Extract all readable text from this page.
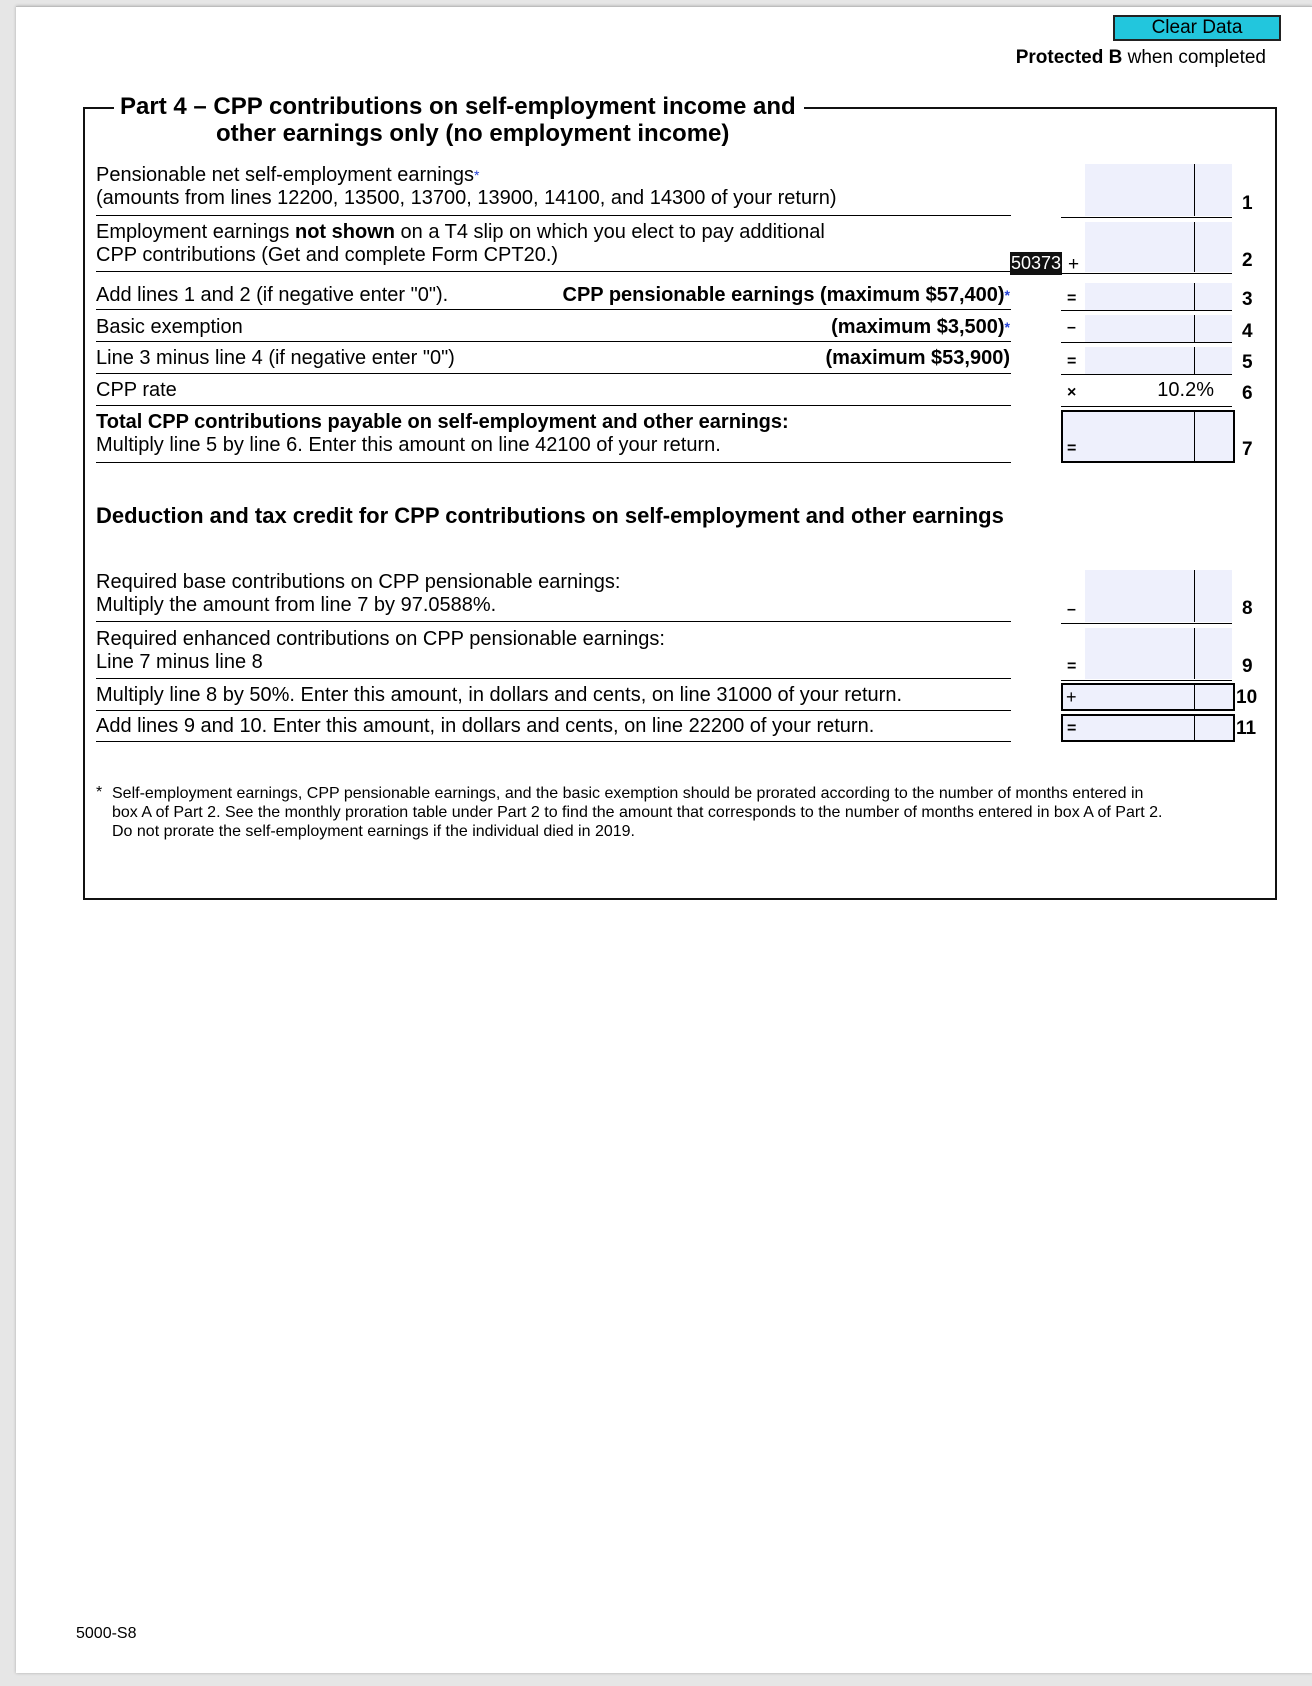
Clear Data
Protected B when completed
Part 4 – CPP contributions on self-employment income and
other earnings only (no employment income)
Pensionable net self-employment earnings*
(amounts from lines 12200, 13500, 13700, 13900, 14100, and 14300 of your return)	1
Employment earnings not shown on a T4 slip on which you elect to pay additional
CPP contributions (Get and complete Form CPT20.)	50373 +	2
Add lines 1 and 2 (if negative enter "0").	CPP pensionable earnings (maximum $57,400)*	=	3
Basic exemption	(maximum $3,500)*	–	4
Line 3 minus line 4 (if negative enter "0")	(maximum $53,900)	=	5
CPP rate	×	10.2% 6
Total CPP contributions payable on self-employment and other earnings:
Multiply line 5 by line 6. Enter this amount on line 42100 of your return.	=	7
Deduction and tax credit for CPP contributions on self-employment and other earnings
Required base contributions on CPP pensionable earnings:
Multiply the amount from line 7 by 97.0588%.	–	8
Required enhanced contributions on CPP pensionable earnings:
Line 7 minus line 8	=	9
Multiply line 8 by 50%. Enter this amount, in dollars and cents, on line 31000 of your return.	+	10
Add lines 9 and 10. Enter this amount, in dollars and cents, on line 22200 of your return.	=	11
* Self-employment earnings, CPP pensionable earnings, and the basic exemption should be prorated according to the number of months entered in
box A of Part 2. See the monthly proration table under Part 2 to find the amount that corresponds to the number of months entered in box A of Part 2.
Do not prorate the self-employment earnings if the individual died in 2019.
5000-S8
